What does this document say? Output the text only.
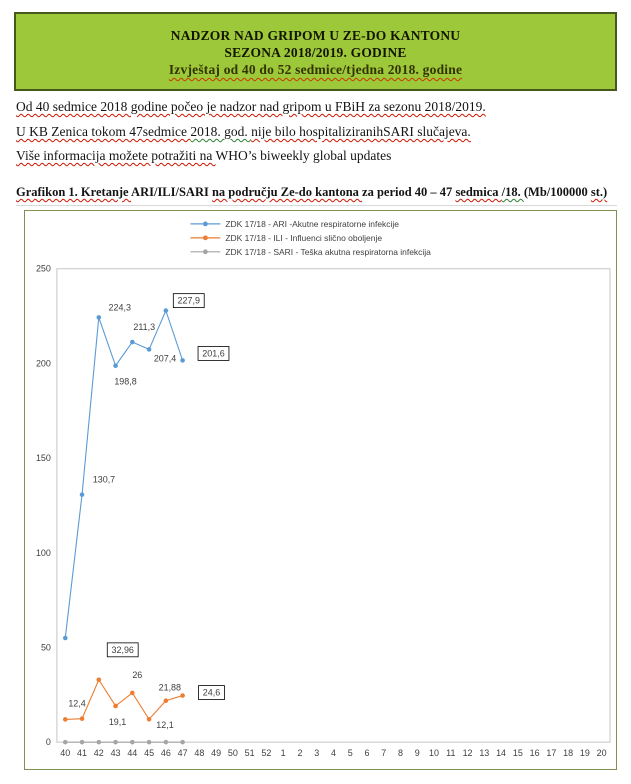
NADZOR NAD GRIPOM U ZE-DO KANTONU
SEZONA 2018/2019. GODINE
Izvještaj od 40 do 52 sedmice/tjedna 2018. godine
Od 40 sedmice 2018 godine počeo je nadzor nad gripom u FBiH za sezonu 2018/2019.
U KB Zenica tokom 47sedmice 2018. god. nije bilo hospitaliziranihSARI slučajeva.
Više informacija možete potražiti na WHO’s biweekly global updates
Grafikon 1. Kretanje ARI/ILI/SARI na području Ze-do kantona za period 40 – 47 sedmica /18. (Mb/100000 st.)
0
50
100
150
200
250
40 41 42 43 44 45 46 47 48 49 50 51 52 1 2 3 4 5 6 7 8 9 10 11 12 13 14 15 16 17 18 19 20
ZDK 17/18 - ARI -Akutne respiratorne infekcije
ZDK 17/18 - ILI - Influenci slično oboljenje
ZDK 17/18 - SARI - Teška akutna respiratorna infekcija
130,7
224,3
198,8
211,3
207,4
227,9
201,6
12,4
32,96
19,1
26
12,1
21,88 24,6
